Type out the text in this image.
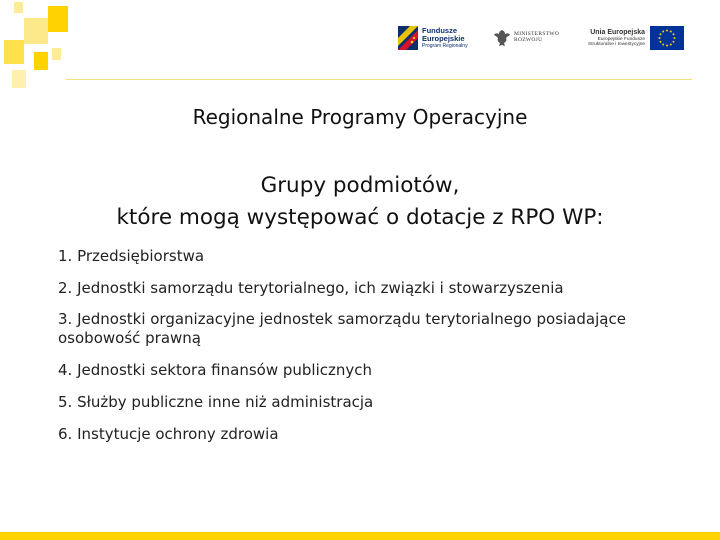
Fundusze
Europejskie
Program Regionalny
MINISTERSTWO
ROZWOJU
Unia Europejska
Europejskie Fundusze
Strukturalne i Inwestycyjne
Regionalne Programy Operacyjne
Grupy podmiotów,
które mogą występować o dotacje z RPO WP:
1. Przedsiębiorstwa
2. Jednostki samorządu terytorialnego, ich związki i stowarzyszenia
3. Jednostki organizacyjne jednostek samorządu terytorialnego posiadające osobowość prawną
4. Jednostki sektora finansów publicznych
5. Służby publiczne inne niż administracja
6. Instytucje ochrony zdrowia
